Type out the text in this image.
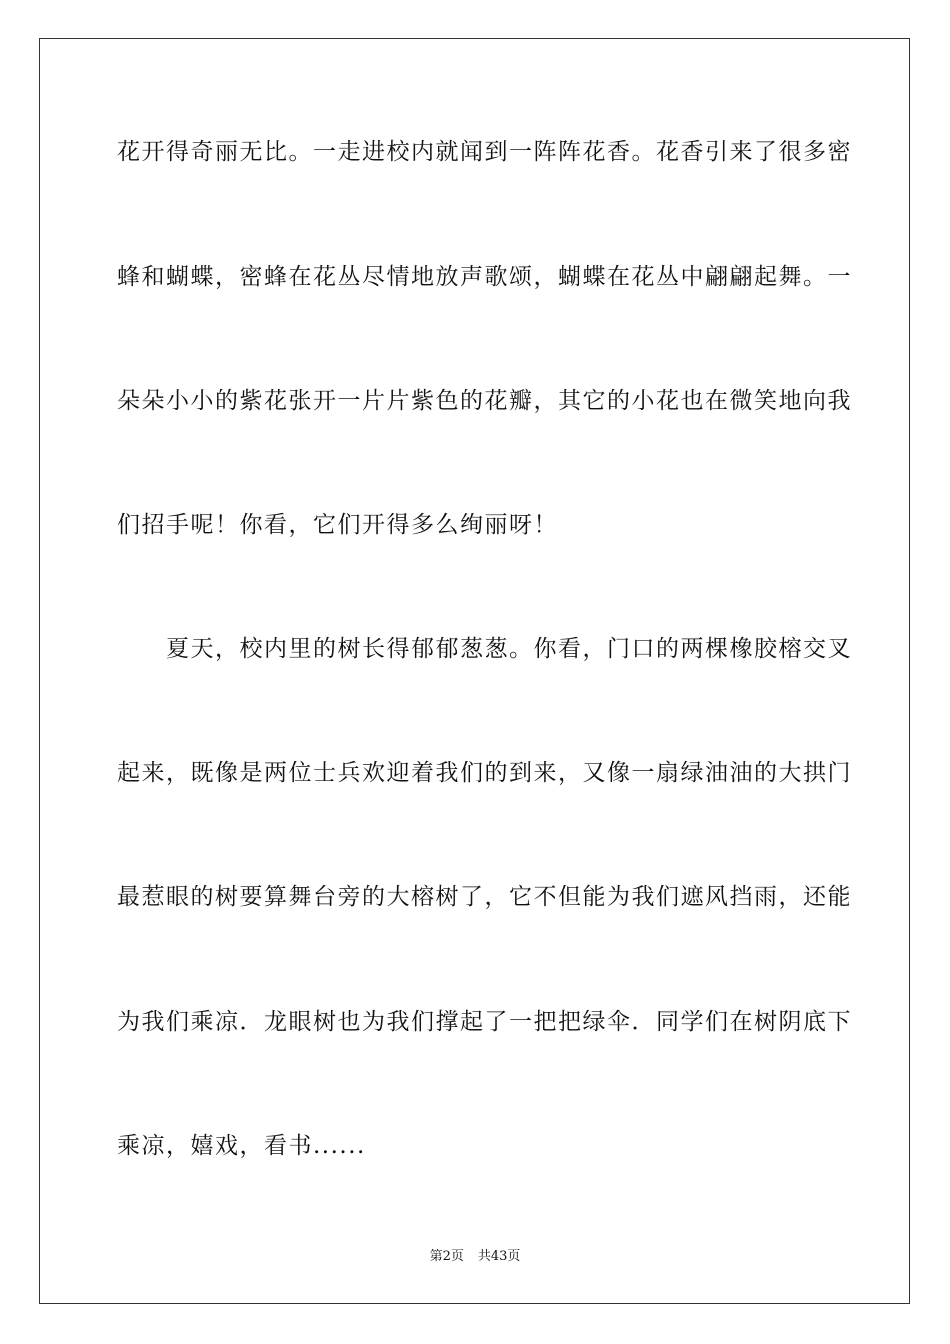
花开得奇丽无比。一走进校内就闻到一阵阵花香。花香引来了很多密
蜂和蝴蝶，密蜂在花丛尽情地放声歌颂，蝴蝶在花丛中翩翩起舞。一
朵朵小小的紫花张开一片片紫色的花瓣，其它的小花也在微笑地向我
们招手呢！你看，它们开得多么绚丽呀！
　　夏天，校内里的树长得郁郁葱葱。你看，门口的两棵橡胶榕交叉
起来，既像是两位士兵欢迎着我们的到来，又像一扇绿油油的大拱门
最惹眼的树要算舞台旁的大榕树了，它不但能为我们遮风挡雨，还能
为我们乘凉．龙眼树也为我们撑起了一把把绿伞．同学们在树阴底下
乘凉，嬉戏，看书......
第2页 共43页
